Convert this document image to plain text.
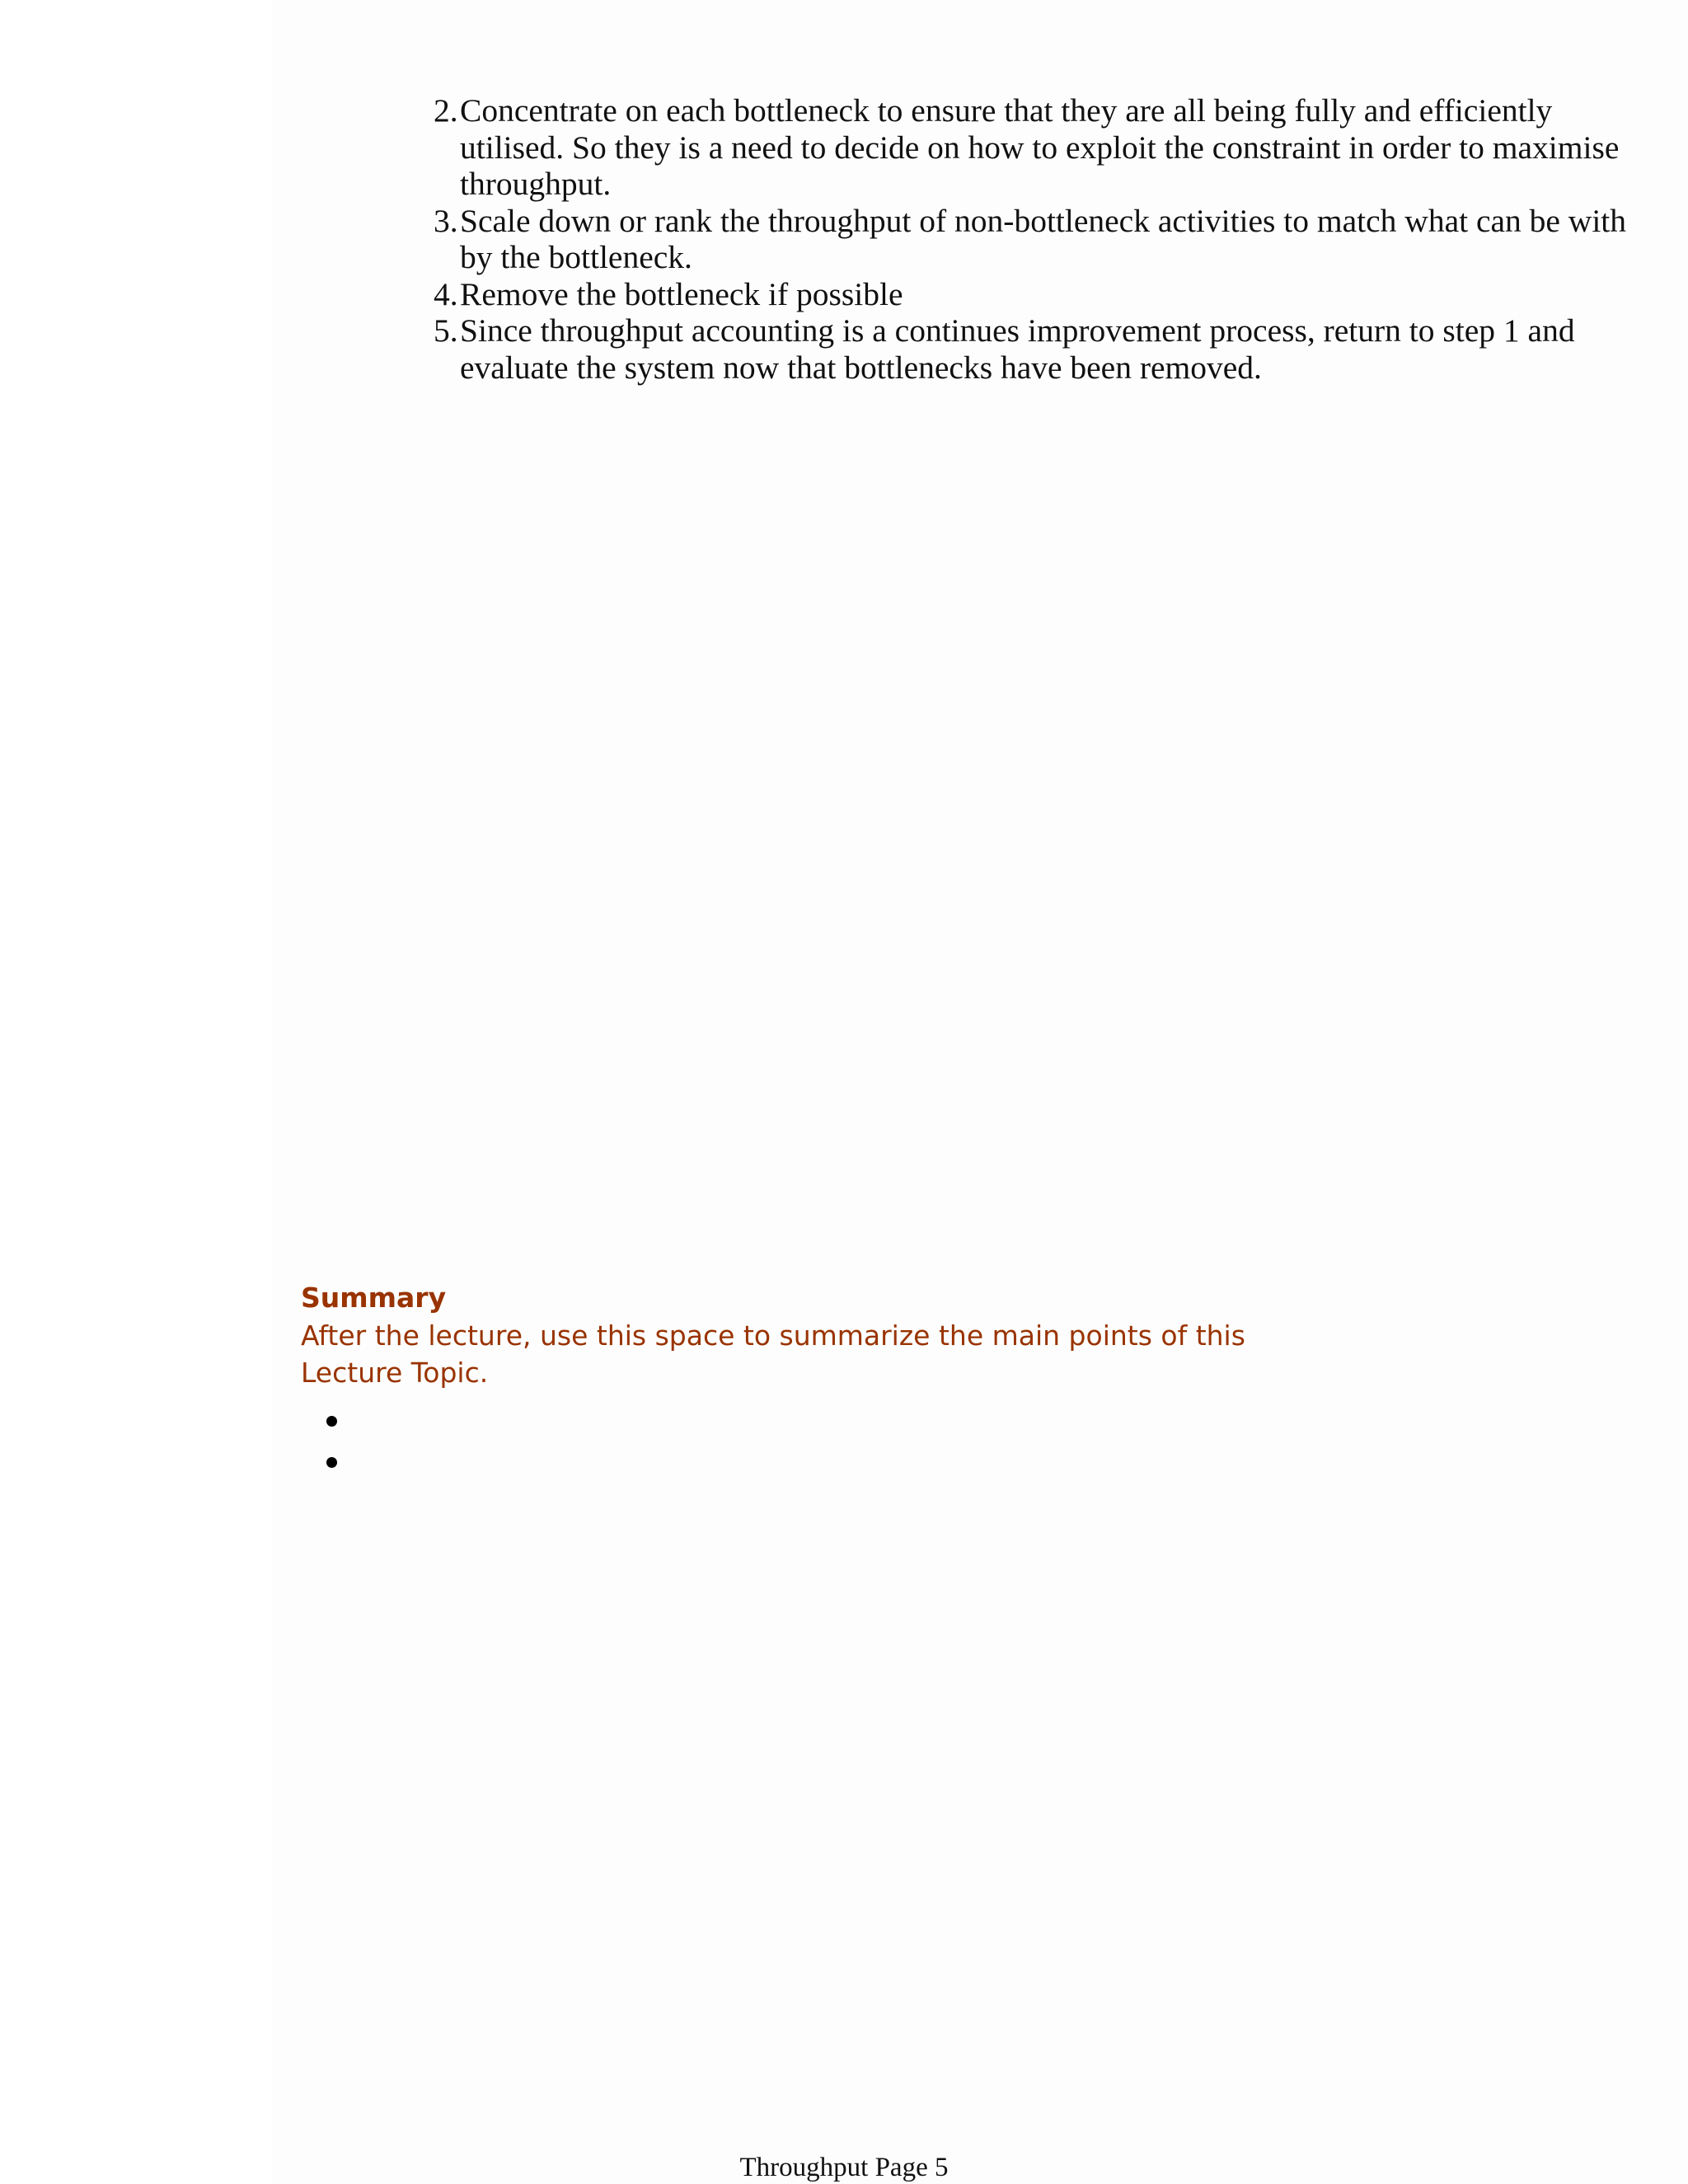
2. Concentrate on each bottleneck to ensure that they are all being fully and efficiently utilised. So they is a need to decide on how to exploit the constraint in order to maximise throughput.
3. Scale down or rank the throughput of non-bottleneck activities to match what can be with by the bottleneck.
4. Remove the bottleneck if possible
5. Since throughput accounting is a continues improvement process, return to step 1 and evaluate the system now that bottlenecks have been removed.

Summary

After the lecture, use this space to summarize the main points of this Lecture Topic.

Throughput Page 5
